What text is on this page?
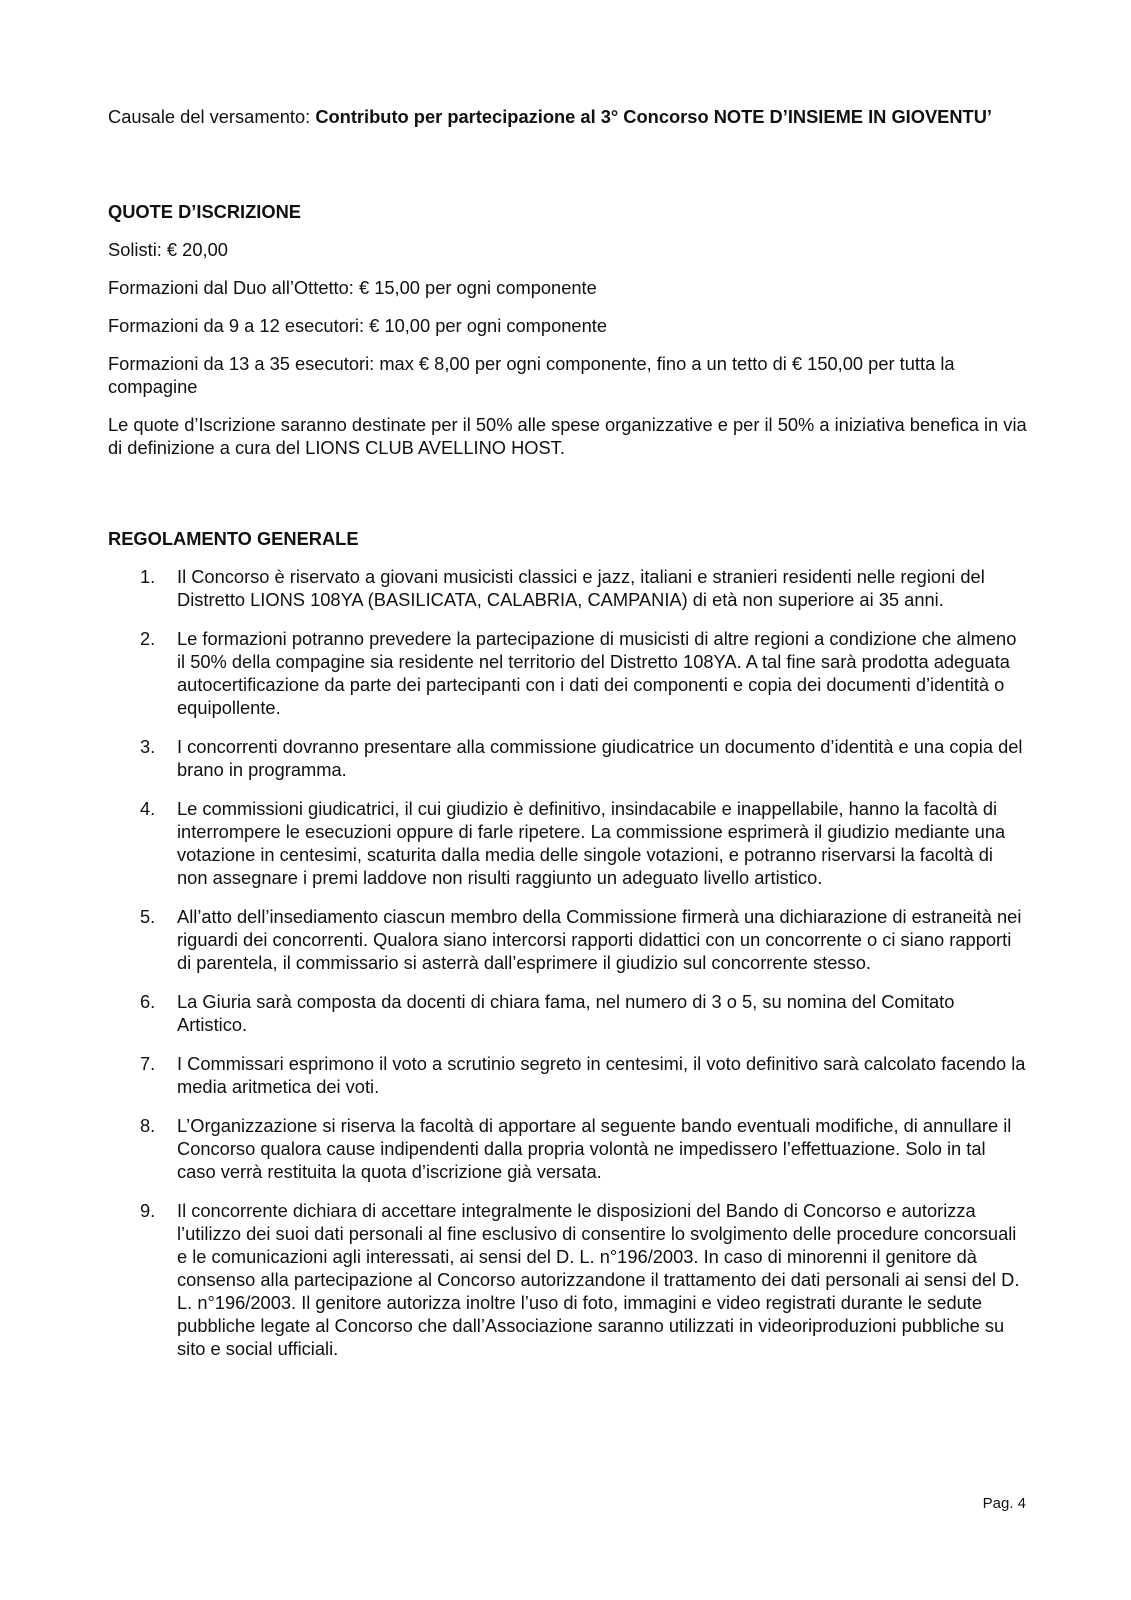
Causale del versamento: Contributo per partecipazione al 3° Concorso NOTE D’INSIEME IN GIOVENTU’

QUOTE D’ISCRIZIONE

Solisti: € 20,00

Formazioni dal Duo all’Ottetto: € 15,00 per ogni componente

Formazioni da 9 a 12 esecutori: € 10,00 per ogni componente

Formazioni da 13 a 35 esecutori: max € 8,00 per ogni componente, fino a un tetto di € 150,00 per tutta la compagine

Le quote d’Iscrizione saranno destinate per il 50% alle spese organizzative e per il 50% a iniziativa benefica in via di definizione a cura del LIONS CLUB AVELLINO HOST.

REGOLAMENTO GENERALE

1. Il Concorso è riservato a giovani musicisti classici e jazz, italiani e stranieri residenti nelle regioni del Distretto LIONS 108YA (BASILICATA, CALABRIA, CAMPANIA) di età non superiore ai 35 anni.
2. Le formazioni potranno prevedere la partecipazione di musicisti di altre regioni a condizione che almeno il 50% della compagine sia residente nel territorio del Distretto 108YA. A tal fine sarà prodotta adeguata autocertificazione da parte dei partecipanti con i dati dei componenti e copia dei documenti d’identità o equipollente.
3. I concorrenti dovranno presentare alla commissione giudicatrice un documento d’identità e una copia del brano in programma.
4. Le commissioni giudicatrici, il cui giudizio è definitivo, insindacabile e inappellabile, hanno la facoltà di interrompere le esecuzioni oppure di farle ripetere. La commissione esprimerà il giudizio mediante una votazione in centesimi, scaturita dalla media delle singole votazioni, e potranno riservarsi la facoltà di non assegnare i premi laddove non risulti raggiunto un adeguato livello artistico.
5. All’atto dell’insediamento ciascun membro della Commissione firmerà una dichiarazione di estraneità nei riguardi dei concorrenti. Qualora siano intercorsi rapporti didattici con un concorrente o ci siano rapporti di parentela, il commissario si asterrà dall’esprimere il giudizio sul concorrente stesso.
6. La Giuria sarà composta da docenti di chiara fama, nel numero di 3 o 5, su nomina del Comitato Artistico.
7. I Commissari esprimono il voto a scrutinio segreto in centesimi, il voto definitivo sarà calcolato facendo la media aritmetica dei voti.
8. L’Organizzazione si riserva la facoltà di apportare al seguente bando eventuali modifiche, di annullare il Concorso qualora cause indipendenti dalla propria volontà ne impedissero l’effettuazione. Solo in tal caso verrà restituita la quota d’iscrizione già versata.
9. Il concorrente dichiara di accettare integralmente le disposizioni del Bando di Concorso e autorizza l’utilizzo dei suoi dati personali al fine esclusivo di consentire lo svolgimento delle procedure concorsuali e le comunicazioni agli interessati, ai sensi del D. L. n°196/2003. In caso di minorenni il genitore dà consenso alla partecipazione al Concorso autorizzandone il trattamento dei dati personali ai sensi del D. L. n°196/2003. Il genitore autorizza inoltre l’uso di foto, immagini e video registrati durante le sedute pubbliche legate al Concorso che dall’Associazione saranno utilizzati in videoriproduzioni pubbliche su sito e social ufficiali.
Pag. 4
